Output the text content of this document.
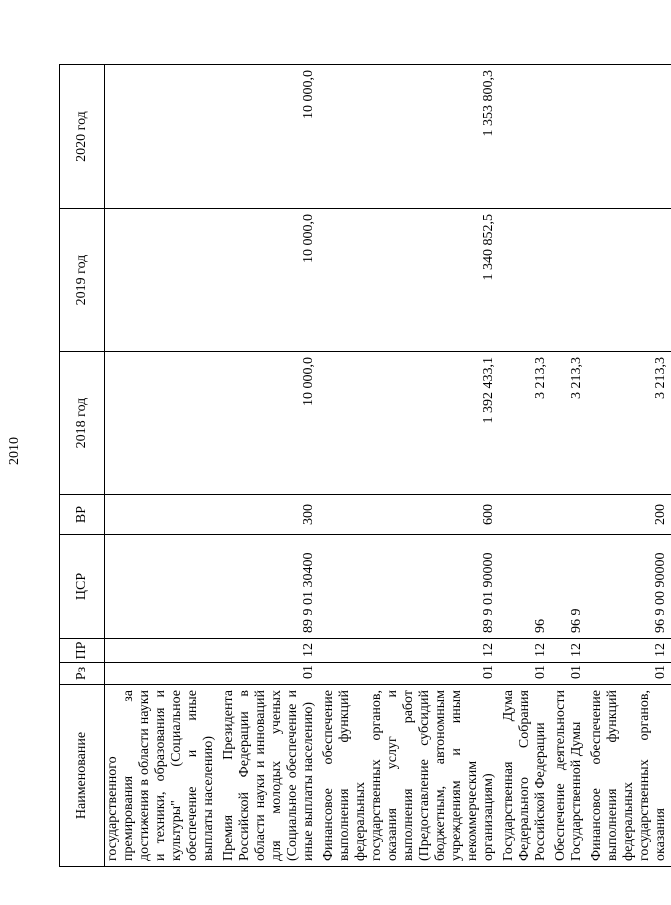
2010
Наименование	Рз	ПР	ЦСР	ВР	2018 год	2019 год	2020 год
государственного премирования за достижения в области науки и техники, образования и культуры" (Социальное обеспечение и иные выплаты населению)							
Премия Президента Российской Федерации в области науки и инноваций для молодых ученых (Социальное обеспечение и иные выплаты населению)	01	12	89 9 01 30400	300	10 000,0	10 000,0	10 000,0
Финансовое обеспечение выполнения функций федеральных государственных органов, оказания услуг и выполнения работ (Предоставление субсидий бюджетным, автономным учреждениям и иным некоммерческим организациям)	01	12	89 9 01 90000	600	1 392 433,1	1 340 852,5	1 353 800,3
Государственная Дума Федерального Собрания Российской Федерации	01	12	96		3 213,3		
Обеспечение деятельности Государственной Думы	01	12	96 9		3 213,3		
Финансовое обеспечение выполнения функций федеральных государственных органов, оказания	01	12	96 9 00 90000	200	3 213,3		
